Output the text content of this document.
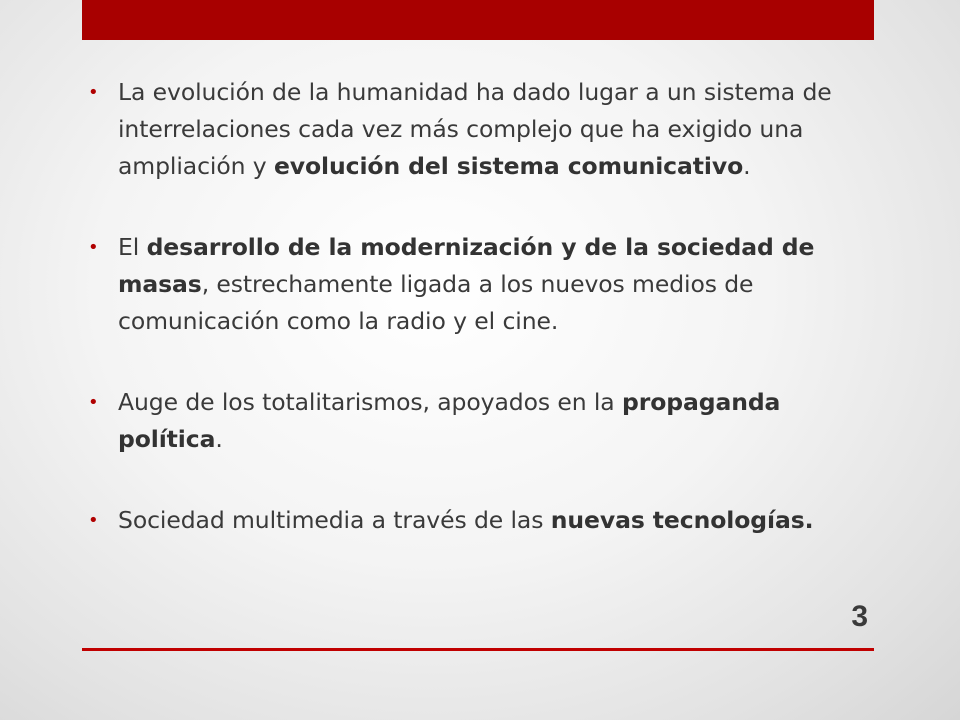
• La evolución de la humanidad ha dado lugar a un sistema de interrelaciones cada vez más complejo que ha exigido una ampliación y evolución del sistema comunicativo.
• El desarrollo de la modernización y de la sociedad de masas, estrechamente ligada a los nuevos medios de comunicación como la radio y el cine.
• Auge de los totalitarismos, apoyados en la propaganda política.
• Sociedad multimedia a través de las nuevas tecnologías.
3
